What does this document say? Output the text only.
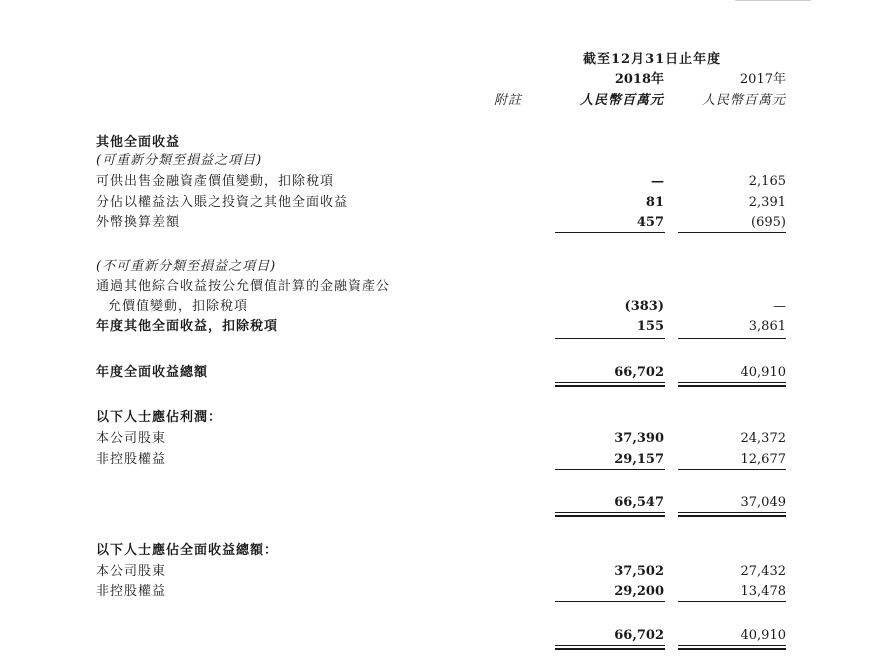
截至12月31日止年度
2018年	2017年
附註	人民幣百萬元	人民幣百萬元
其他全面收益
(可重新分類至損益之項目)
可供出售金融資產價值變動，扣除稅項	—	2,165
分佔以權益法入賬之投資之其他全面收益	81	2,391
外幣換算差額	457	(695)
(不可重新分類至損益之項目)
通過其他綜合收益按公允價值計算的金融資產公
允價值變動，扣除稅項	(383)	—
年度其他全面收益，扣除稅項	155	3,861
年度全面收益總額	66,702	40,910
以下人士應佔利潤：
本公司股東	37,390	24,372
非控股權益	29,157	12,677
66,547	37,049
以下人士應佔全面收益總額：
本公司股東	37,502	27,432
非控股權益	29,200	13,478
66,702	40,910
